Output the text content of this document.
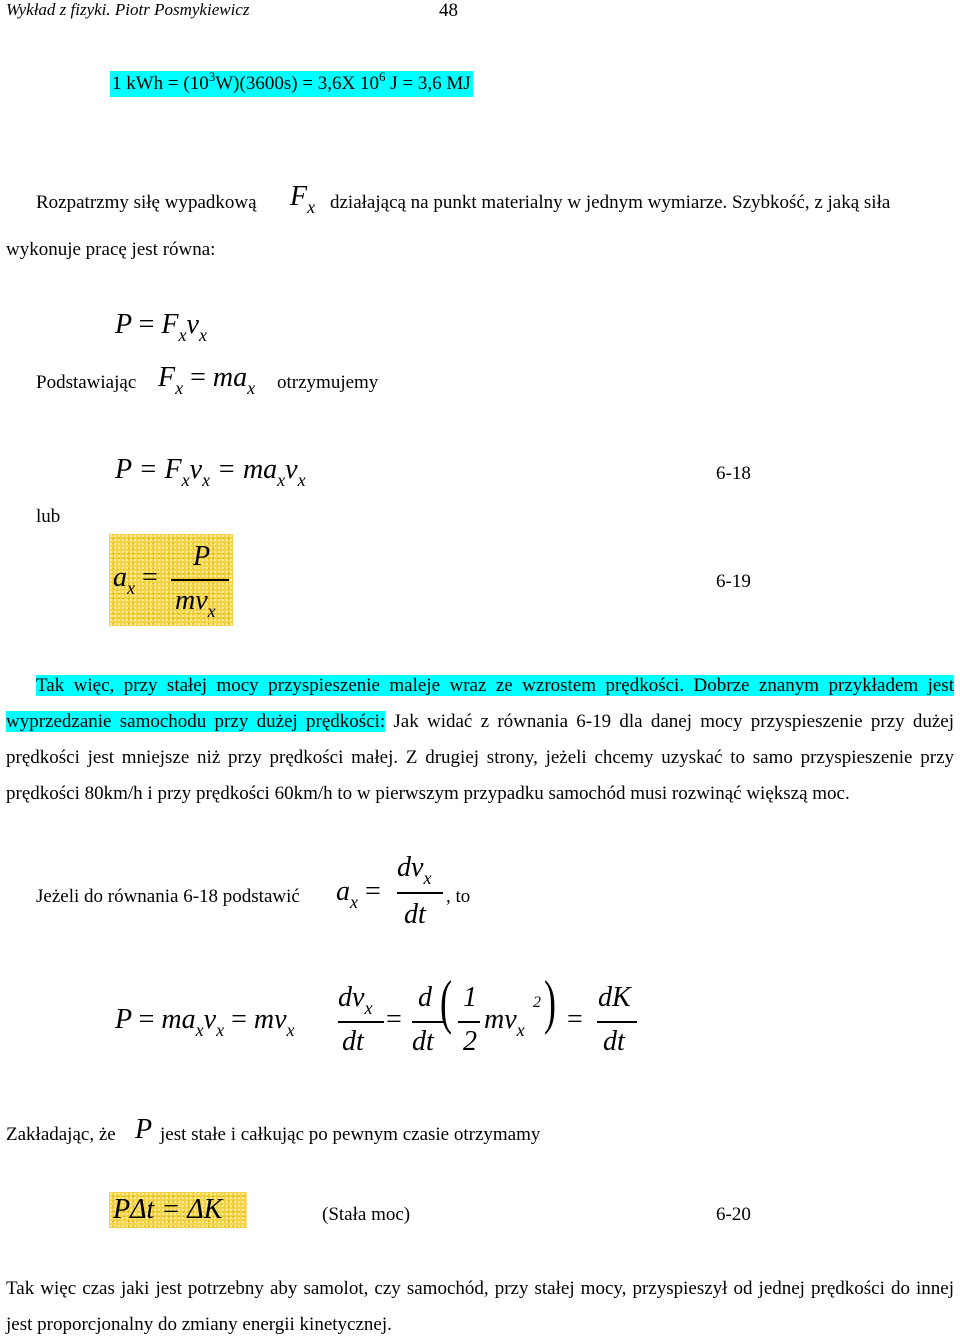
Wykład z fizyki. Piotr Posmykiewicz	48
1 kWh = $(10^3W)(3600s) = 3,6X$ $10^6$ J = 3,6 MJ
Rozpatrzmy siłę wypadkową $F_x$ działającą na punkt materialny w jednym wymiarze. Szybkość, z jaką siła
wykonuje pracę jest równa:
$P = F_xv_x$
Podstawiając $F_x = ma_x$ otrzymujemy
$P = F_xv_x = ma_xv_x$	6-18
lub
$a_x$ =
P
$mv_x$
6-19

Tak więc, przy stałej mocy przyspieszenie maleje wraz ze wzrostem prędkości. Dobrze znanym przykładem jest wyprzedzanie samochodu przy dużej prędkości: Jak widać z równania 6-19 dla danej mocy przyspieszenie przy dużej prędkości jest mniejsze niż przy prędkości małej. Z drugiej strony, jeżeli chcemy uzyskać to samo przyspieszenie przy prędkości 80km/h i przy prędkości 60km/h to w pierwszym przypadku samochód musi rozwinąć większą moc.

Jeżeli do równania 6-18 podstawić $a_x$ =
$dv_x$
dt
, to
$P = ma_xv_x = mv_x$
$dv_x$
dt
=
d
dt
( 1
2
$mv_x$
2 ) =
dK
dt
Zakładając, że P jest stałe i całkując po pewnym czasie otrzymamy
PΔt = ΔK	(Stała moc)	6-20

Tak więc czas jaki jest potrzebny aby samolot, czy samochód, przy stałej mocy, przyspieszył od jednej prędkości do innej jest proporcjonalny do zmiany energii kinetycznej.
